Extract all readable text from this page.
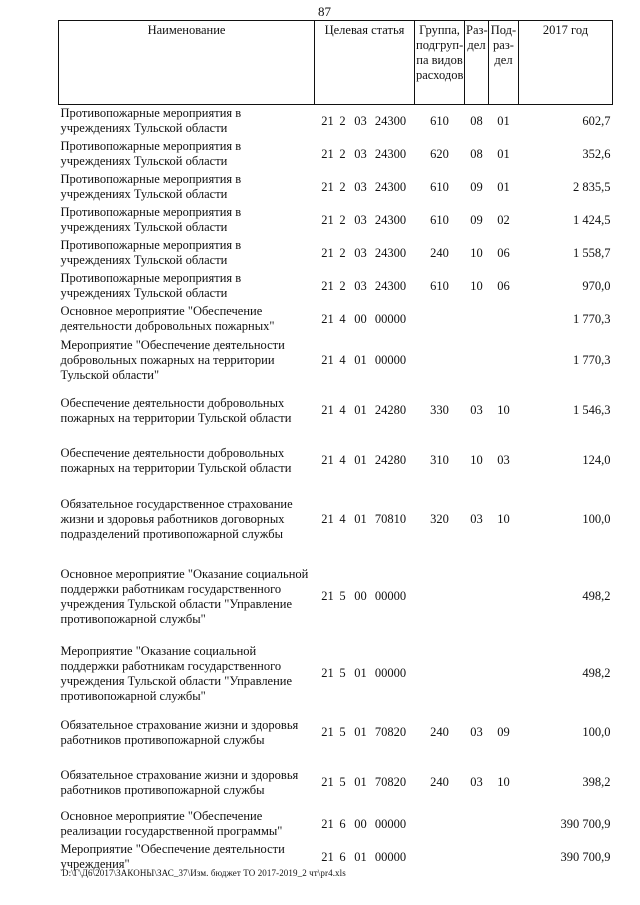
87
Наименование	Целевая статья	Группа, подгруп- па видов расходов	Раз- дел	Под- раз- дел	2017 год
Противопожарные мероприятия в учреждениях Тульской области	21 2 03 24300	610	08	01	602,7
Противопожарные мероприятия в учреждениях Тульской области	21 2 03 24300	620	08	01	352,6
Противопожарные мероприятия в учреждениях Тульской области	21 2 03 24300	610	09	01	2 835,5
Противопожарные мероприятия в учреждениях Тульской области	21 2 03 24300	610	09	02	1 424,5
Противопожарные мероприятия в учреждениях Тульской области	21 2 03 24300	240	10	06	1 558,7
Противопожарные мероприятия в учреждениях Тульской области	21 2 03 24300	610	10	06	970,0
Основное мероприятие "Обеспечение деятельности добровольных пожарных"	21 4 00 00000				1 770,3
Мероприятие "Обеспечение деятельности добровольных пожарных на территории Тульской области"	21 4 01 00000				1 770,3
Обеспечение деятельности добровольных пожарных на территории Тульской области	21 4 01 24280	330	03	10	1 546,3
Обеспечение деятельности добровольных пожарных на территории Тульской области	21 4 01 24280	310	10	03	124,0
Обязательное государственное страхование жизни и здоровья работников договорных подразделений противопожарной службы	21 4 01 70810	320	03	10	100,0
Основное мероприятие "Оказание социальной поддержки работникам государственного учреждения Тульской области "Управление противопожарной службы"	21 5 00 00000				498,2
Мероприятие "Оказание социальной поддержки работникам государственного учреждения Тульской области "Управление противопожарной службы"	21 5 01 00000				498,2
Обязательное страхование жизни и здоровья работников противопожарной службы	21 5 01 70820	240	03	09	100,0
Обязательное страхование жизни и здоровья работников противопожарной службы	21 5 01 70820	240	03	10	398,2
Основное мероприятие "Обеспечение реализации государственной программы"	21 6 00 00000				390 700,9
Мероприятие "Обеспечение деятельности учреждения"	21 6 01 00000				390 700,9
D:\Г\Д6\2017\ЗАКОНЫ\ЗАС_37\Изм. бюджет ТО 2017-2019_2 чт\pr4.xls
